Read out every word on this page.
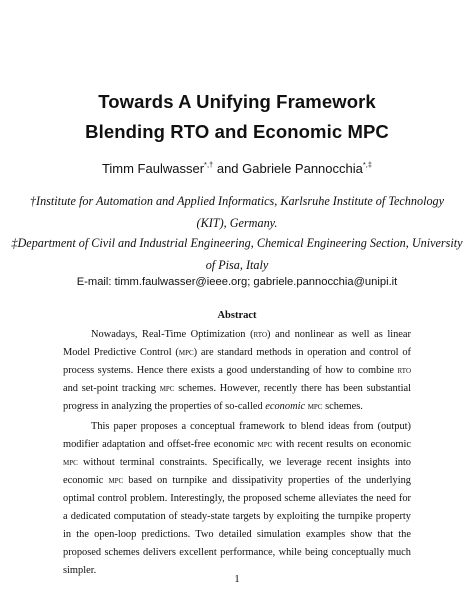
Towards A Unifying Framework
Blending RTO and Economic MPC
Timm Faulwasser*,† and Gabriele Pannocchia*,‡
†Institute for Automation and Applied Informatics, Karlsruhe Institute of Technology
(KIT), Germany.
‡Department of Civil and Industrial Engineering, Chemical Engineering Section, University
of Pisa, Italy
E-mail: timm.faulwasser@ieee.org; gabriele.pannocchia@unipi.it
Abstract

Nowadays, Real-Time Optimization (rto) and nonlinear as well as linear Model Predictive Control (mpc) are standard methods in operation and control of process systems. Hence there exists a good understanding of how to combine rto and set-point tracking mpc schemes. However, recently there has been substantial progress in analyzing the properties of so-called economic mpc schemes.

This paper proposes a conceptual framework to blend ideas from (output) modifier adaptation and offset-free economic mpc with recent results on economic mpc without terminal constraints. Specifically, we leverage recent insights into economic mpc based on turnpike and dissipativity properties of the underlying optimal control problem. Interestingly, the proposed scheme alleviates the need for a dedicated computation of steady-state targets by exploiting the turnpike property in the open-loop predictions. Two detailed simulation examples show that the proposed schemes delivers excellent performance, while being conceptually much simpler.

1
